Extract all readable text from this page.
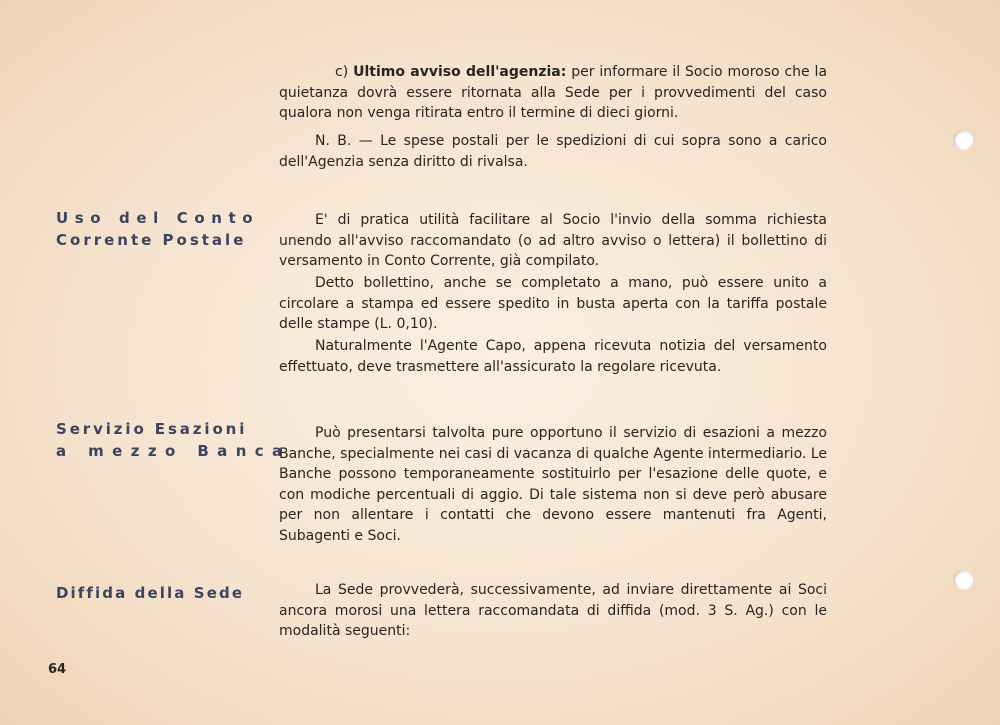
c) Ultimo avviso dell'agenzia: per informare il Socio moroso che la quietanza dovrà essere ritornata alla Sede per i provvedimenti del caso qualora non venga ritirata entro il termine di dieci giorni.

N. B. — Le spese postali per le spedizioni di cui sopra sono a carico dell'Agenzia senza diritto di rivalsa.

Uso del Conto
Corrente Postale

E' di pratica utilità facilitare al Socio l'invio della somma richiesta unendo all'avviso raccomandato (o ad altro avviso o lettera) il bollettino di versamento in Conto Corrente, già compilato.

Detto bollettino, anche se completato a mano, può essere unito a circolare a stampa ed essere spedito in busta aperta con la tariffa postale delle stampe (L. 0,10).

Naturalmente l'Agente Capo, appena ricevuta notizia del versamento effettuato, deve trasmettere all'assicurato la regolare ricevuta.

Servizio Esazioni
a mezzo Banca

Può presentarsi talvolta pure opportuno il servizio di esazioni a mezzo Banche, specialmente nei casi di vacanza di qualche Agente intermediario. Le Banche possono temporaneamente sostituirlo per l'esazione delle quote, e con modiche percentuali di aggio. Di tale sistema non si deve però abusare per non allentare i contatti che devono essere mantenuti fra Agenti, Subagenti e Soci.

Diffida della Sede	La Sede provvederà, successivamente, ad inviare direttamente ai Soci ancora morosi una lettera raccomandata di diffida (mod. 3 S. Ag.) con le modalità seguenti:

64
